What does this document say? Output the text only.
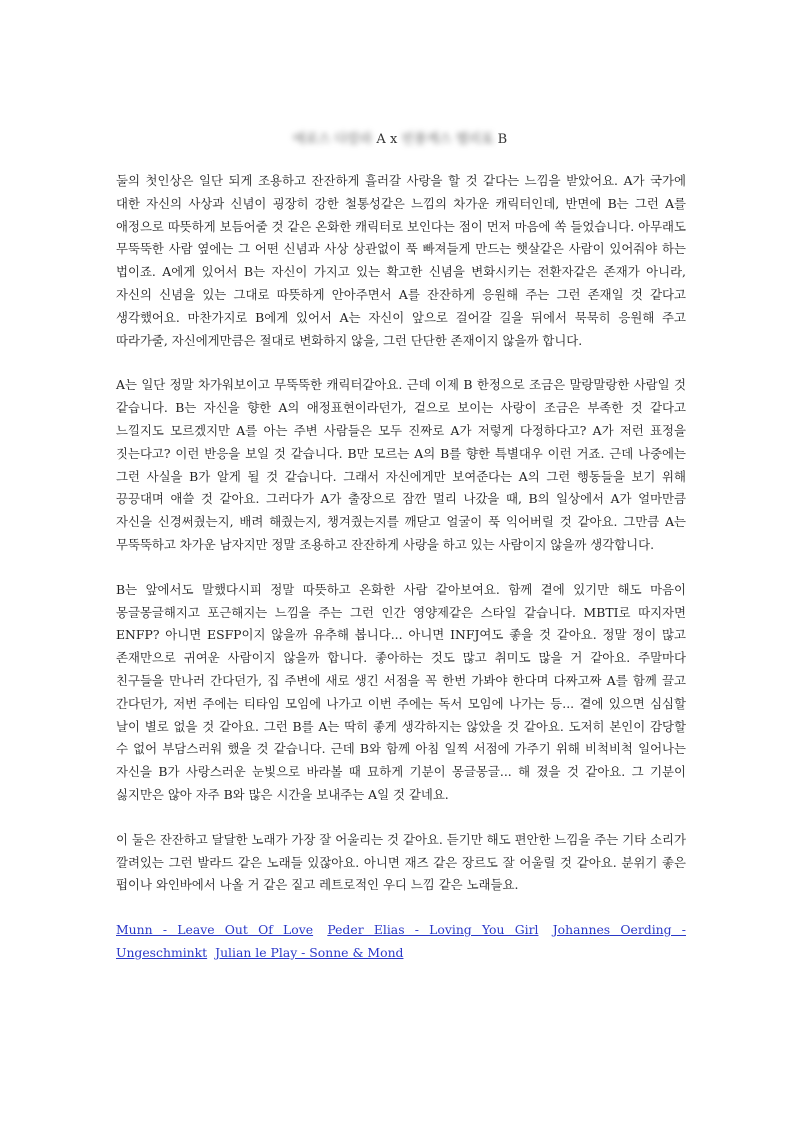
에로스 다칼라 A x 빈풍케스 헬리포 B

둘의 첫인상은 일단 되게 조용하고 잔잔하게 흘러갈 사랑을 할 것 같다는 느낌을 받았어요. A가 국가에 대한 자신의 사상과 신념이 굉장히 강한 철통성같은 느낌의 차가운 캐릭터인데, 반면에 B는 그런 A를 애정으로 따뜻하게 보듬어줄 것 같은 온화한 캐릭터로 보인다는 점이 먼저 마음에 쏙 들었습니다. 아무래도 무뚝뚝한 사람 옆에는 그 어떤 신념과 사상 상관없이 푹 빠져들게 만드는 햇살같은 사람이 있어줘야 하는 법이죠. A에게 있어서 B는 자신이 가지고 있는 확고한 신념을 변화시키는 전환자같은 존재가 아니라, 자신의 신념을 있는 그대로 따뜻하게 안아주면서 A를 잔잔하게 응원해 주는 그런 존재일 것 같다고 생각했어요. 마찬가지로 B에게 있어서 A는 자신이 앞으로 걸어갈 길을 뒤에서 묵묵히 응원해 주고 따라가줄, 자신에게만큼은 절대로 변화하지 않을, 그런 단단한 존재이지 않을까 합니다.

A는 일단 정말 차가워보이고 무뚝뚝한 캐릭터같아요. 근데 이제 B 한정으로 조금은 말랑말랑한 사람일 것 같습니다. B는 자신을 향한 A의 애정표현이라던가, 겉으로 보이는 사랑이 조금은 부족한 것 같다고 느낄지도 모르겠지만 A를 아는 주변 사람들은 모두 진짜로 A가 저렇게 다정하다고? A가 저런 표정을 짓는다고? 이런 반응을 보일 것 같습니다. B만 모르는 A의 B를 향한 특별대우 이런 거죠. 근데 나중에는 그런 사실을 B가 알게 될 것 같습니다. 그래서 자신에게만 보여준다는 A의 그런 행동들을 보기 위해 끙끙대며 애쓸 것 같아요. 그러다가 A가 출장으로 잠깐 멀리 나갔을 때, B의 일상에서 A가 얼마만큼 자신을 신경써줬는지, 배려 해줬는지, 챙겨줬는지를 깨닫고 얼굴이 푹 익어버릴 것 같아요. 그만큼 A는 무뚝뚝하고 차가운 남자지만 정말 조용하고 잔잔하게 사랑을 하고 있는 사람이지 않을까 생각합니다.

B는 앞에서도 말했다시피 정말 따뜻하고 온화한 사람 같아보여요. 함께 곁에 있기만 해도 마음이 몽글몽글해지고 포근해지는 느낌을 주는 그런 인간 영양제같은 스타일 같습니다. MBTI로 따지자면 ENFP? 아니면 ESFP이지 않을까 유추해 봅니다... 아니면 INFJ여도 좋을 것 같아요. 정말 정이 많고 존재만으로 귀여운 사람이지 않을까 합니다. 좋아하는 것도 많고 취미도 많을 거 같아요. 주말마다 친구들을 만나러 간다던가, 집 주변에 새로 생긴 서점을 꼭 한번 가봐야 한다며 다짜고짜 A를 함께 끌고 간다던가, 저번 주에는 티타임 모임에 나가고 이번 주에는 독서 모임에 나가는 등... 곁에 있으면 심심할 날이 별로 없을 것 같아요. 그런 B를 A는 딱히 좋게 생각하지는 않았을 것 같아요. 도저히 본인이 감당할 수 없어 부담스러워 했을 것 같습니다. 근데 B와 함께 아침 일찍 서점에 가주기 위해 비척비척 일어나는 자신을 B가 사랑스러운 눈빛으로 바라볼 때 묘하게 기분이 몽글몽글... 해 졌을 것 같아요. 그 기분이 싫지만은 않아 자주 B와 많은 시간을 보내주는 A일 것 같네요.

이 둘은 잔잔하고 달달한 노래가 가장 잘 어울리는 것 같아요. 듣기만 해도 편안한 느낌을 주는 기타 소리가 깔려있는 그런 발라드 같은 노래들 있잖아요. 아니면 재즈 같은 장르도 잘 어울릴 것 같아요. 분위기 좋은 펍이나 와인바에서 나올 거 같은 짙고 레트로적인 우디 느낌 같은 노래들요.

Munn - Leave Out Of Love Peder Elias - Loving You Girl Johannes Oerding - Ungeschminkt Julian le Play - Sonne & Mond
